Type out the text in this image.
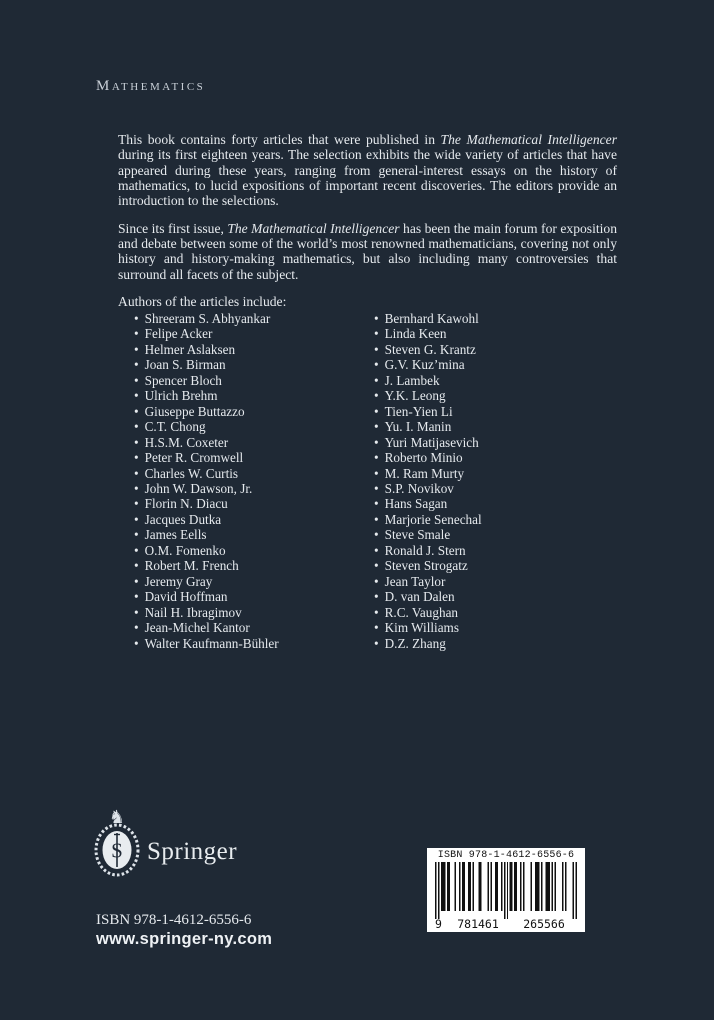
Mathematics

This book contains forty articles that were published in The Mathematical Intelligencer during its first eighteen years. The selection exhibits the wide variety of articles that have appeared during these years, ranging from general-interest essays on the history of mathematics, to lucid expositions of important recent discoveries. The editors provide an introduction to the selections.

Since its first issue, The Mathematical Intelligencer has been the main forum for exposition and debate between some of the world’s most renowned mathematicians, covering not only history and history-making mathematics, but also including many controversies that surround all facets of the subject.

Authors of the articles include:
• Shreeram S. Abhyankar
• Felipe Acker
• Helmer Aslaksen
• Joan S. Birman
• Spencer Bloch
• Ulrich Brehm
• Giuseppe Buttazzo
• C.T. Chong
• H.S.M. Coxeter
• Peter R. Cromwell
• Charles W. Curtis
• John W. Dawson, Jr.
• Florin N. Diacu
• Jacques Dutka
• James Eells
• O.M. Fomenko
• Robert M. French
• Jeremy Gray
• David Hoffman
• Nail H. Ibragimov
• Jean-Michel Kantor
• Walter Kaufmann-Bühler
• Bernhard Kawohl
• Linda Keen
• Steven G. Krantz
• G.V. Kuz’mina
• J. Lambek
• Y.K. Leong
• Tien-Yien Li
• Yu. I. Manin
• Yuri Matijasevich
• Roberto Minio
• M. Ram Murty
• S.P. Novikov
• Hans Sagan
• Marjorie Senechal
• Steve Smale
• Ronald J. Stern
• Steven Strogatz
• Jean Taylor
• D. van Dalen
• R.C. Vaughan
• Kim Williams
• D.Z. Zhang
♞
S Springer	ISBN 978-1-4612-6556-6
9	781461	265566
ISBN 978-1-4612-6556-6
www.springer-ny.com
